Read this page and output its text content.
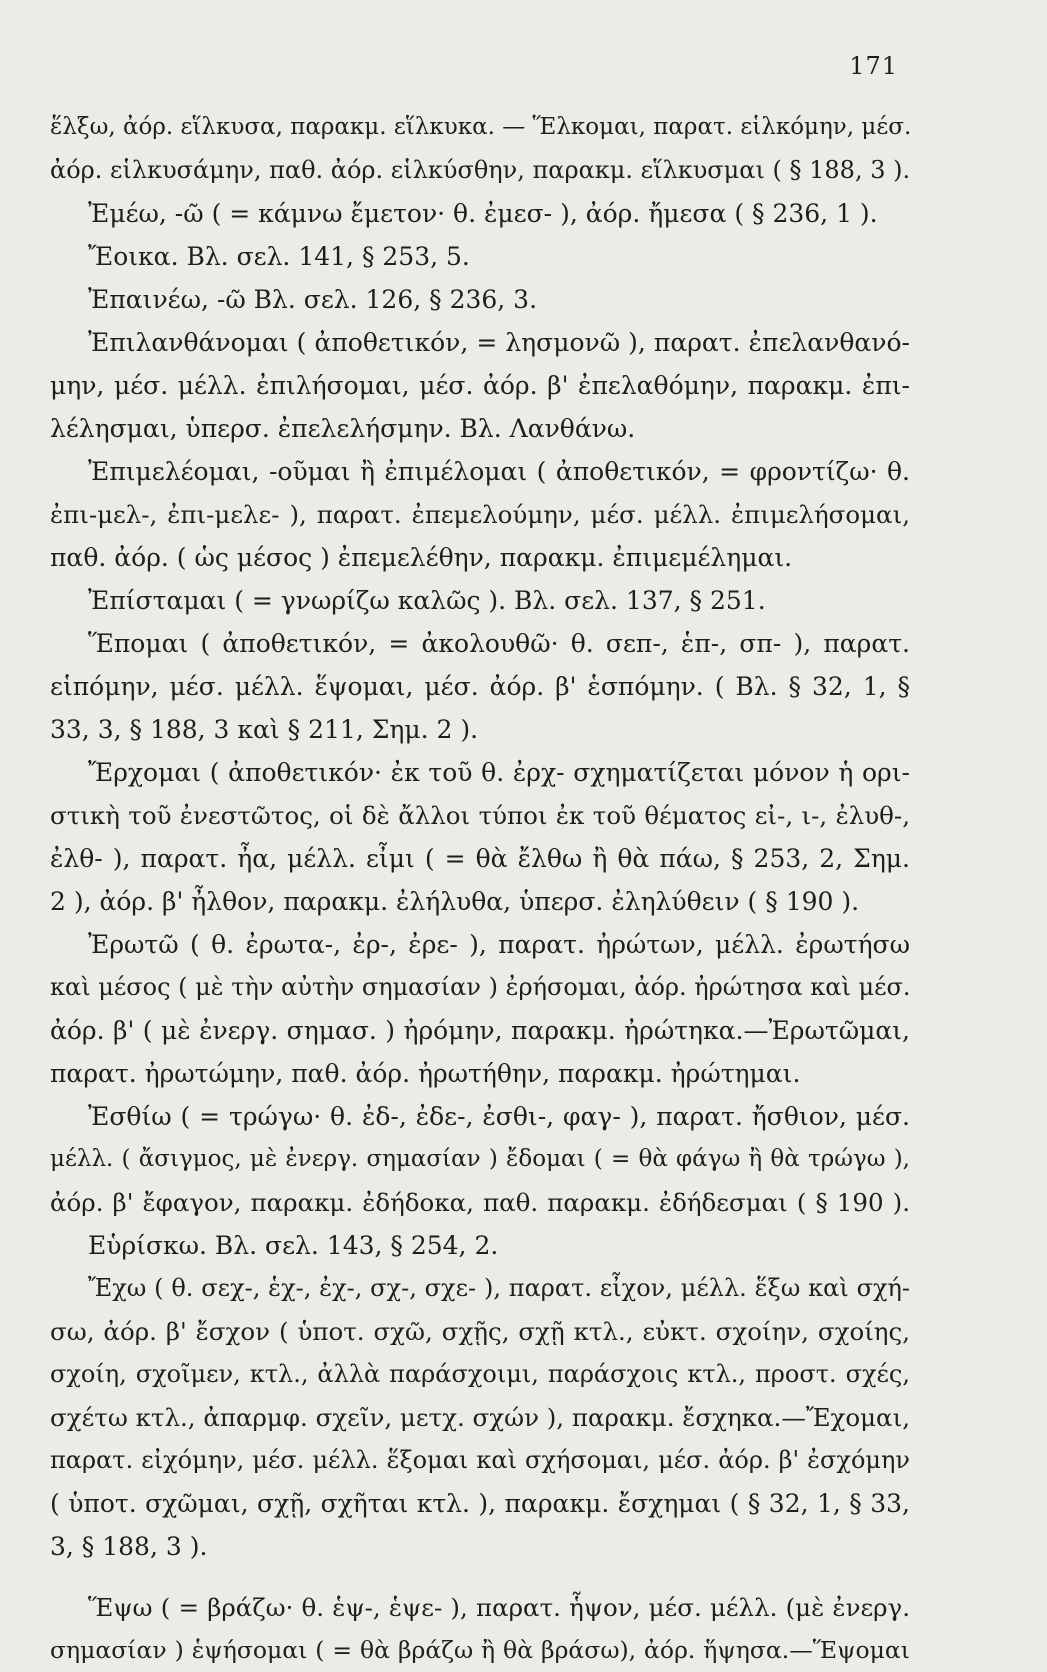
171
ἕλξω, ἀόρ. εἵλκυσα, παρακμ. εἵλκυκα. — Ἕλκομαι, παρατ. εἱλκόμην, μέσ.
ἀόρ. εἱλκυσάμην, παθ. ἀόρ. εἱλκύσθην, παρακμ. εἵλκυσμαι ( § 188, 3 ).
Ἐμέω, -ῶ ( = κάμνω ἔμετον· θ. ἐμεσ- ), ἀόρ. ἤμεσα ( § 236, 1 ).
Ἔοικα. Βλ. σελ. 141, § 253, 5.
Ἐπαινέω, -ῶ Βλ. σελ. 126, § 236, 3.
Ἐπιλανθάνομαι ( ἀποθετικόν, = λησμονῶ ), παρατ. ἐπελανθανό-
μην, μέσ. μέλλ. ἐπιλήσομαι, μέσ. ἀόρ. β' ἐπελαθόμην, παρακμ. ἐπι-
λέλησμαι, ὑπερσ. ἐπελελήσμην. Βλ. Λανθάνω.
Ἐπιμελέομαι, -οῦμαι ἢ ἐπιμέλομαι ( ἀποθετικόν, = φροντίζω· θ.
ἐπι-μελ-, ἐπι-μελε- ), παρατ. ἐπεμελούμην, μέσ. μέλλ. ἐπιμελήσομαι,
παθ. ἀόρ. ( ὡς μέσος ) ἐπεμελέθην, παρακμ. ἐπιμεμέλημαι.
Ἐπίσταμαι ( = γνωρίζω καλῶς ). Βλ. σελ. 137, § 251.
Ἕπομαι ( ἀποθετικόν, = ἀκολουθῶ· θ. σεπ-, ἑπ-, σπ- ), παρατ.
εἱπόμην, μέσ. μέλλ. ἕψομαι, μέσ. ἀόρ. β' ἑσπόμην. ( Βλ. § 32, 1, §
33, 3, § 188, 3 καὶ § 211, Σημ. 2 ).
Ἔρχομαι ( ἀποθετικόν· ἐκ τοῦ θ. ἐρχ- σχηματίζεται μόνον ἡ ορι-
στικὴ τοῦ ἐνεστῶτος, οἱ δὲ ἄλλοι τύποι ἐκ τοῦ θέματος εἰ-, ι-, ἐλυθ-,
ἐλθ- ), παρατ. ἦα, μέλλ. εἶμι ( = θὰ ἔλθω ἢ θὰ πάω, § 253, 2, Σημ.
2 ), ἀόρ. β' ἦλθον, παρακμ. ἐλήλυθα, ὑπερσ. ἐληλύθειν ( § 190 ).
Ἐρωτῶ ( θ. ἐρωτα-, ἐρ-, ἐρε- ), παρατ. ἠρώτων, μέλλ. ἐρωτήσω
καὶ μέσος ( μὲ τὴν αὐτὴν σημασίαν ) ἐρήσομαι, ἀόρ. ἠρώτησα καὶ μέσ.
ἀόρ. β' ( μὲ ἐνεργ. σημασ. ) ἠρόμην, παρακμ. ἠρώτηκα.—Ἐρωτῶμαι,
παρατ. ἠρωτώμην, παθ. ἀόρ. ἠρωτήθην, παρακμ. ἠρώτημαι.
Ἐσθίω ( = τρώγω· θ. ἐδ-, ἐδε-, ἐσθι-, φαγ- ), παρατ. ἤσθιον, μέσ.
μέλλ. ( ἄσιγμος, μὲ ἐνεργ. σημασίαν ) ἔδομαι ( = θὰ φάγω ἢ θὰ τρώγω ),
ἀόρ. β' ἔφαγον, παρακμ. ἐδήδοκα, παθ. παρακμ. ἐδήδεσμαι ( § 190 ).
Εὑρίσκω. Βλ. σελ. 143, § 254, 2.
Ἔχω ( θ. σεχ-, ἑχ-, ἐχ-, σχ-, σχε- ), παρατ. εἶχον, μέλλ. ἕξω καὶ σχή-
σω, ἀόρ. β' ἔσχον ( ὑποτ. σχῶ, σχῇς, σχῇ κτλ., εὐκτ. σχοίην, σχοίης,
σχοίη, σχοῖμεν, κτλ., ἀλλὰ παράσχοιμι, παράσχοις κτλ., προστ. σχές,
σχέτω κτλ., ἀπαρμφ. σχεῖν, μετχ. σχών ), παρακμ. ἔσχηκα.—Ἔχομαι,
παρατ. εἰχόμην, μέσ. μέλλ. ἕξομαι καὶ σχήσομαι, μέσ. ἀόρ. β' ἐσχόμην
( ὑποτ. σχῶμαι, σχῇ, σχῆται κτλ. ), παρακμ. ἔσχημαι ( § 32, 1, § 33,
3, § 188, 3 ).
Ἕψω ( = βράζω· θ. ἑψ-, ἑψε- ), παρατ. ἧψον, μέσ. μέλλ. (μὲ ἐνεργ.
σημασίαν ) ἑψήσομαι ( = θὰ βράζω ἢ θὰ βράσω), ἀόρ. ἥψησα.—Ἕψομαι
